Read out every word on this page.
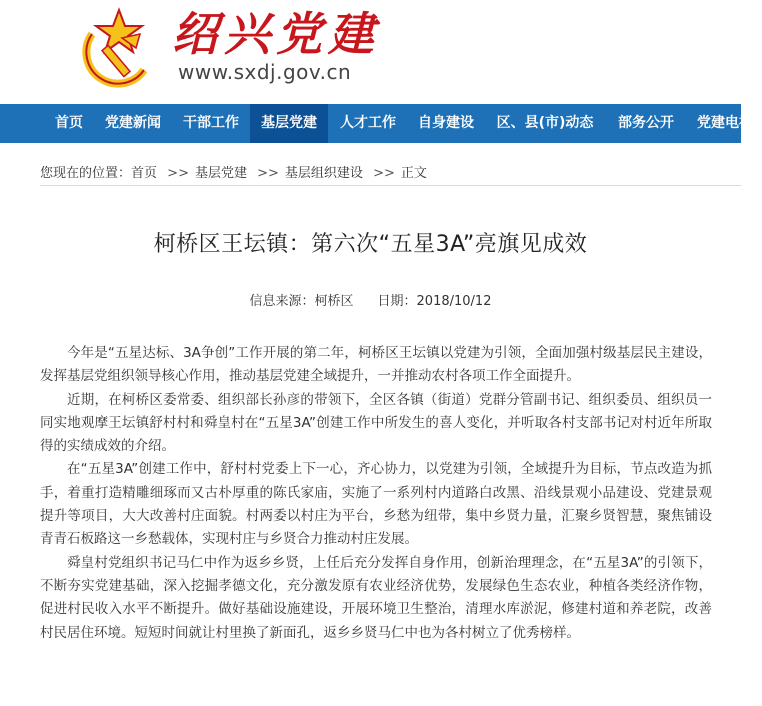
绍兴党建
www.sxdj.gov.cn
首页	党建新闻	干部工作	基层党建	人才工作	自身建设	区、县(市)动态	部务公开	党建电视
您现在的位置：首页 >> 基层党建 >> 基层组织建设 >> 正文
柯桥区王坛镇：第六次“五星3A”亮旗见成效
信息来源：柯桥区 日期：2018/10/12

今年是“五星达标、3A争创”工作开展的第二年，柯桥区王坛镇以党建为引领，全面加强村级基层民主建设，发挥基层党组织领导核心作用，推动基层党建全域提升，一并推动农村各项工作全面提升。

近期，在柯桥区委常委、组织部长孙彦的带领下，全区各镇（街道）党群分管副书记、组织委员、组织员一同实地观摩王坛镇舒村村和舜皇村在“五星3A”创建工作中所发生的喜人变化，并听取各村支部书记对村近年所取得的实绩成效的介绍。

在“五星3A”创建工作中，舒村村党委上下一心，齐心协力，以党建为引领，全域提升为目标，节点改造为抓手，着重打造精雕细琢而又古朴厚重的陈氏家庙，实施了一系列村内道路白改黑、沿线景观小品建设、党建景观提升等项目，大大改善村庄面貌。村两委以村庄为平台，乡愁为纽带，集中乡贤力量，汇聚乡贤智慧，聚焦铺设青青石板路这一乡愁载体，实现村庄与乡贤合力推动村庄发展。

舜皇村党组织书记马仁中作为返乡乡贤，上任后充分发挥自身作用，创新治理理念，在“五星3A”的引领下，不断夯实党建基础，深入挖掘孝德文化，充分激发原有农业经济优势，发展绿色生态农业，种植各类经济作物，促进村民收入水平不断提升。做好基础设施建设，开展环境卫生整治，清理水库淤泥，修建村道和养老院，改善村民居住环境。短短时间就让村里换了新面孔，返乡乡贤马仁中也为各村树立了优秀榜样。
